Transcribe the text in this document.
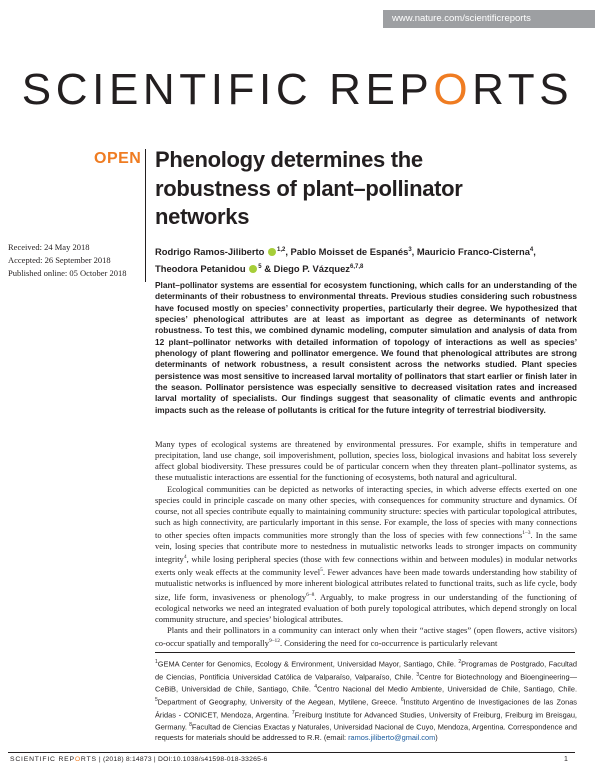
www.nature.com/scientificreports
SCIENTIFIC REPORTS
OPEN Phenology determines the robustness of plant–pollinator networks
Received: 24 May 2018
Accepted: 26 September 2018
Published online: 05 October 2018
Rodrigo Ramos-Jiliberto $^{1,2}$, Pablo Moisset de Espanés$^3$, Mauricio Franco-Cisterna$^4$, Theodora Petanidou $^5$ & Diego P. Vázquez$^{6,7,8}$
Plant–pollinator systems are essential for ecosystem functioning, which calls for an understanding of the determinants of their robustness to environmental threats. Previous studies considering such robustness have focused mostly on species’ connectivity properties, particularly their degree. We hypothesized that species’ phenological attributes are at least as important as degree as determinants of network robustness. To test this, we combined dynamic modeling, computer simulation and analysis of data from 12 plant–pollinator networks with detailed information of topology of interactions as well as species’ phenology of plant flowering and pollinator emergence. We found that phenological attributes are strong determinants of network robustness, a result consistent across the networks studied. Plant species persistence was most sensitive to increased larval mortality of pollinators that start earlier or finish later in the season. Pollinator persistence was especially sensitive to decreased visitation rates and increased larval mortality of specialists. Our findings suggest that seasonality of climatic events and anthropic impacts such as the release of pollutants is critical for the future integrity of terrestrial biodiversity.

Many types of ecological systems are threatened by environmental pressures. For example, shifts in temperature and precipitation, land use change, soil impoverishment, pollution, species loss, biological invasions and habitat loss severely affect global biodiversity. These pressures could be of particular concern when they threaten plant–pollinator systems, as these mutualistic interactions are essential for the functioning of ecosystems, both natural and agricultural.

Ecological communities can be depicted as networks of interacting species, in which adverse effects exerted on one species could in principle cascade on many other species, with consequences for community structure and dynamics. Of course, not all species contribute equally to maintaining community structure: species with particular topological attributes, such as high connectivity, are particularly important in this sense. For example, the loss of species with many connections to other species often impacts communities more strongly than the loss of species with few connections$^{1-3}$. In the same vein, losing species that contribute more to nestedness in mutualistic networks leads to stronger impacts on community integrity$^4$, while losing peripheral species (those with few connections within and between modules) in modular networks exerts only weak effects at the community level$^5$. Fewer advances have been made towards understanding how stability of mutualistic networks is influenced by more inherent biological attributes related to functional traits, such as life cycle, body size, life form, invasiveness or phenology$^{6-8}$. Arguably, to make progress in our understanding of the functioning of ecological networks we need an integrated evaluation of both purely topological attributes, which depend strongly on local community structure, and species’ biological attributes.

Plants and their pollinators in a community can interact only when their “active stages” (open flowers, active visitors) co-occur spatially and temporally$^{9-12}$. Considering the need for co-occurrence is particularly relevant

$^1$GEMA Center for Genomics, Ecology & Environment, Universidad Mayor, Santiago, Chile. $^2$Programas de Postgrado, Facultad de Ciencias, Pontificia Universidad Católica de Valparaíso, Valparaíso, Chile. $^3$Centre for Biotechnology and Bioengineering—CeBiB, Universidad de Chile, Santiago, Chile. $^4$Centro Nacional del Medio Ambiente, Universidad de Chile, Santiago, Chile. $^5$Department of Geography, University of the Aegean, Mytilene, Greece. $^6$Instituto Argentino de Investigaciones de las Zonas Áridas - CONICET, Mendoza, Argentina. $^7$Freiburg Institute for Advanced Studies, University of Freiburg, Freiburg im Breisgau, Germany. $^8$Facultad de Ciencias Exactas y Naturales, Universidad Nacional de Cuyo, Mendoza, Argentina. Correspondence and requests for materials should be addressed to R.R. (email: ramos.jiliberto@gmail.com)
SCIENTIFIC REPORTS | (2018) 8:14873 | DOI:10.1038/s41598-018-33265-6	1
